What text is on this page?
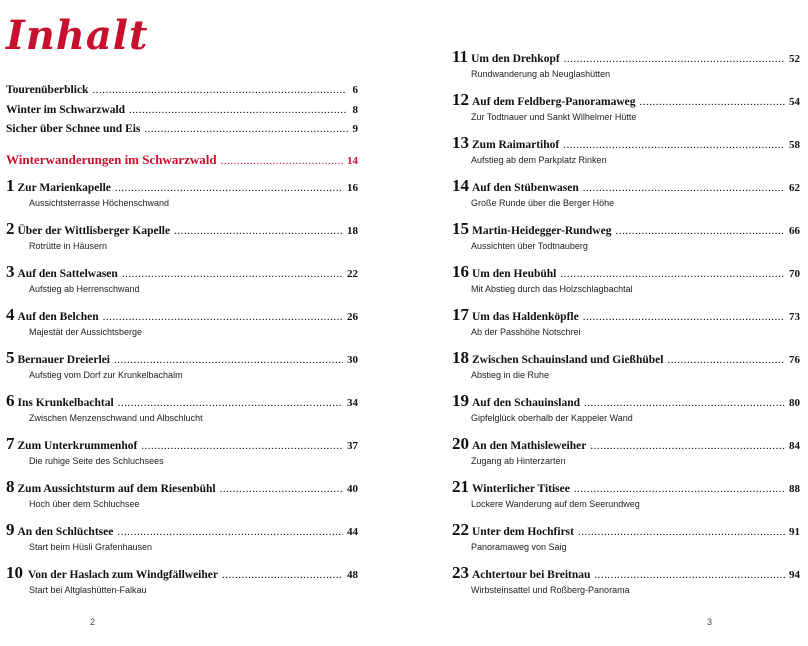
Inhalt
Tourenüberblick .....	6
Winter im Schwarzwald .....	8
Sicher über Schnee und Eis .....	9
Winterwanderungen im Schwarzwald .....	14
1 Zur Marienkapelle .....	16
Aussichtsterrasse Höchenschwand
2 Über der Wittlisberger Kapelle .....	18
Rotrütte in Häusern
3 Auf den Sattelwasen .....	22
Aufstieg ab Herrenschwand
4 Auf den Belchen .....	26
Majestät der Aussichtsberge
5 Bernauer Dreierlei .....	30
Aufstieg vom Dorf zur Krunkelbachalm
6 Ins Krunkelbachtal .....	34
Zwischen Menzenschwand und Albschlucht
7 Zum Unterkrummenhof .....	37
Die ruhige Seite des Schluchsees
8 Zum Aussichtsturm auf dem Riesenbühl .....	40
Hoch über dem Schluchsee
9 An den Schlüchtsee .....	44
Start beim Hüsli Grafenhausen
10 Von der Haslach zum Windgfällweiher .....	48
Start bei Altglashütten-Falkau
11 Um den Drehkopf .....	52
Rundwanderung ab Neuglashütten
12 Auf dem Feldberg-Panoramaweg .....	54
Zur Todtnauer und Sankt Wilhelmer Hütte
13 Zum Raimartihof .....	58
Aufstieg ab dem Parkplatz Rinken
14 Auf den Stübenwasen .....	62
Große Runde über die Berger Höhe
15 Martin-Heidegger-Rundweg .....	66
Aussichten über Todtnauberg
16 Um den Heubühl .....	70
Mit Abstieg durch das Holzschlagbachtal
17 Um das Haldenköpfle .....	73
Ab der Passhöhe Notschrei
18 Zwischen Schauinsland und Gießhübel .....	76
Abstieg in die Ruhe
19 Auf den Schauinsland .....	80
Gipfelglück oberhalb der Kappeler Wand
20 An den Mathisleweiher .....	84
Zugang ab Hinterzarten
21 Winterlicher Titisee .....	88
Lockere Wanderung auf dem Seerundweg
22 Unter dem Hochfirst .....	91
Panoramaweg von Saig
23 Achtertour bei Breitnau .....	94
Wirbsteinsattel und Roßberg-Panorama
2	3
